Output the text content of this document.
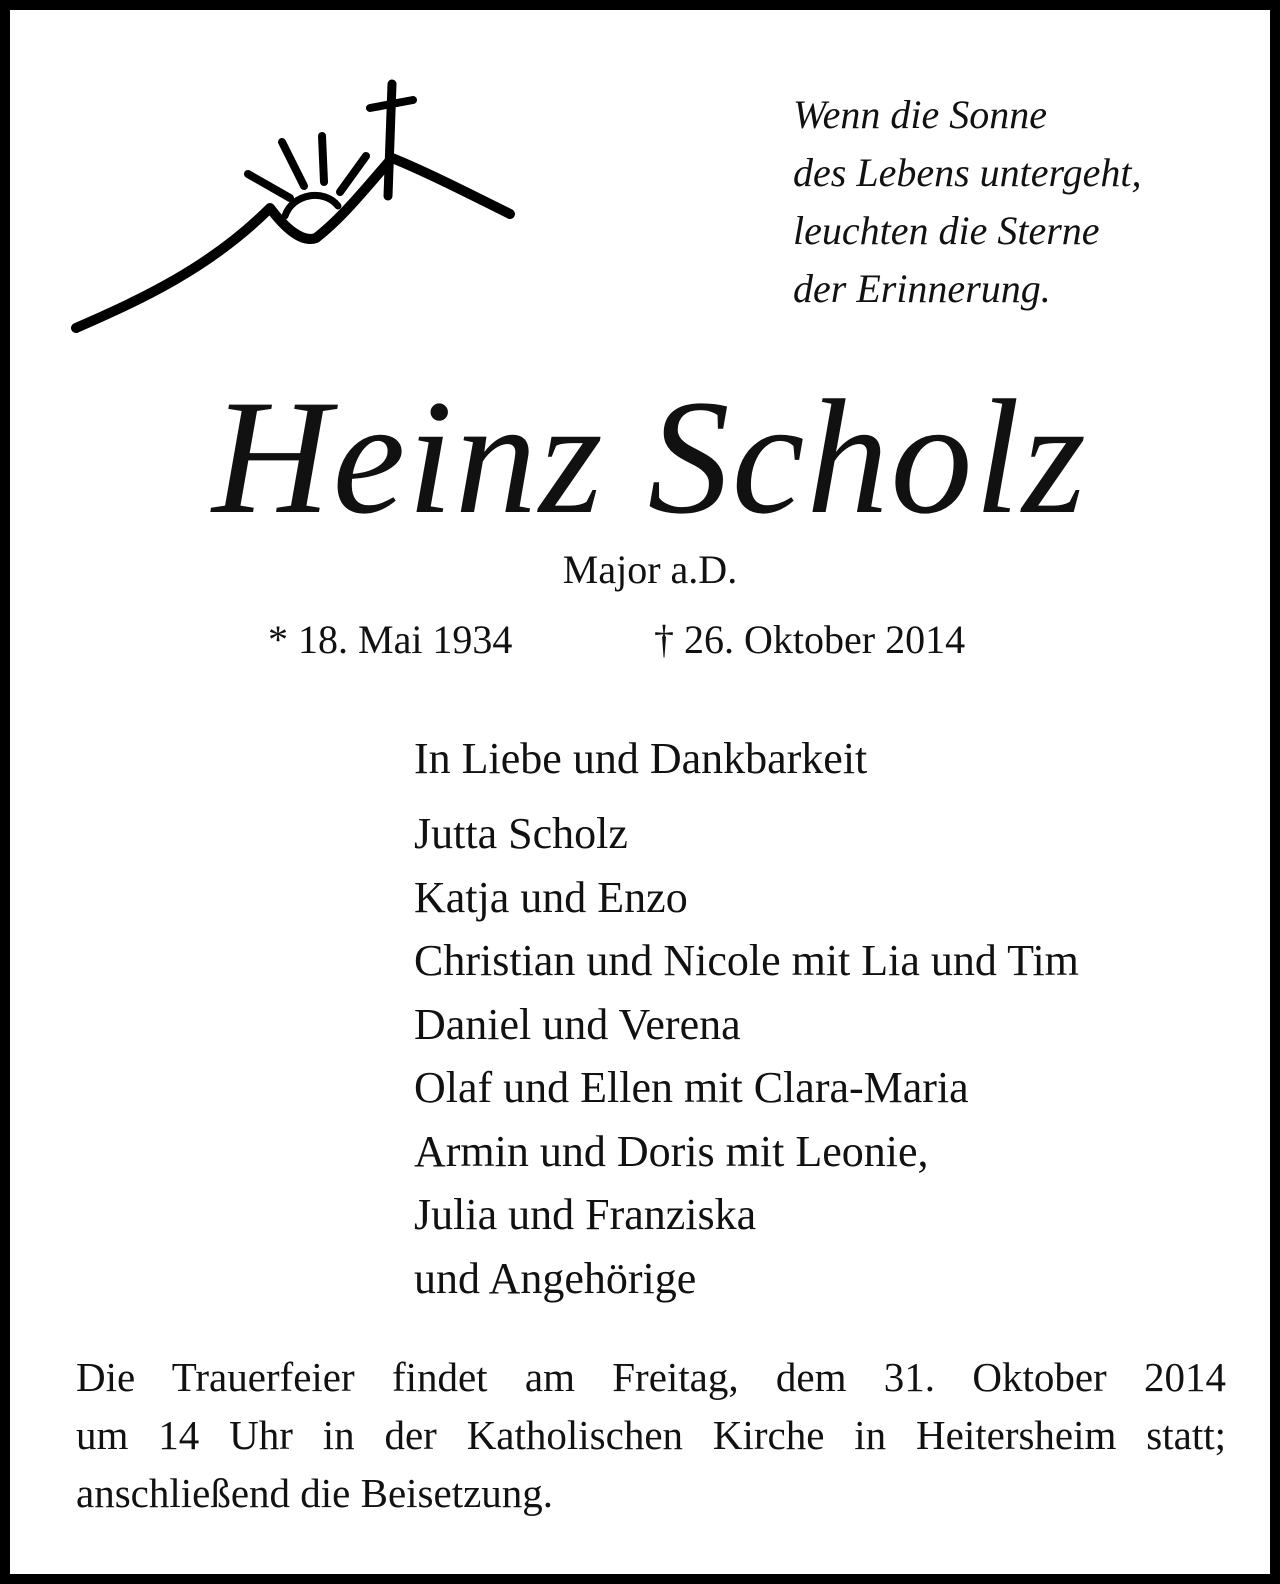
Wenn die Sonne
des Lebens untergeht,
leuchten die Sterne
der Erinnerung.

Heinz Scholz

Major a.D.

* 18. Mai 1934	† 26. Oktober 2014

In Liebe und Dankbarkeit
Jutta Scholz
Katja und Enzo
Christian und Nicole mit Lia und Tim
Daniel und Verena
Olaf und Ellen mit Clara-Maria
Armin und Doris mit Leonie,
Julia und Franziska
und Angehörige

Die Trauerfeier findet am Freitag, dem 31. Oktober 2014
um 14 Uhr in der Katholischen Kirche in Heitersheim statt;
anschließend die Beisetzung.
